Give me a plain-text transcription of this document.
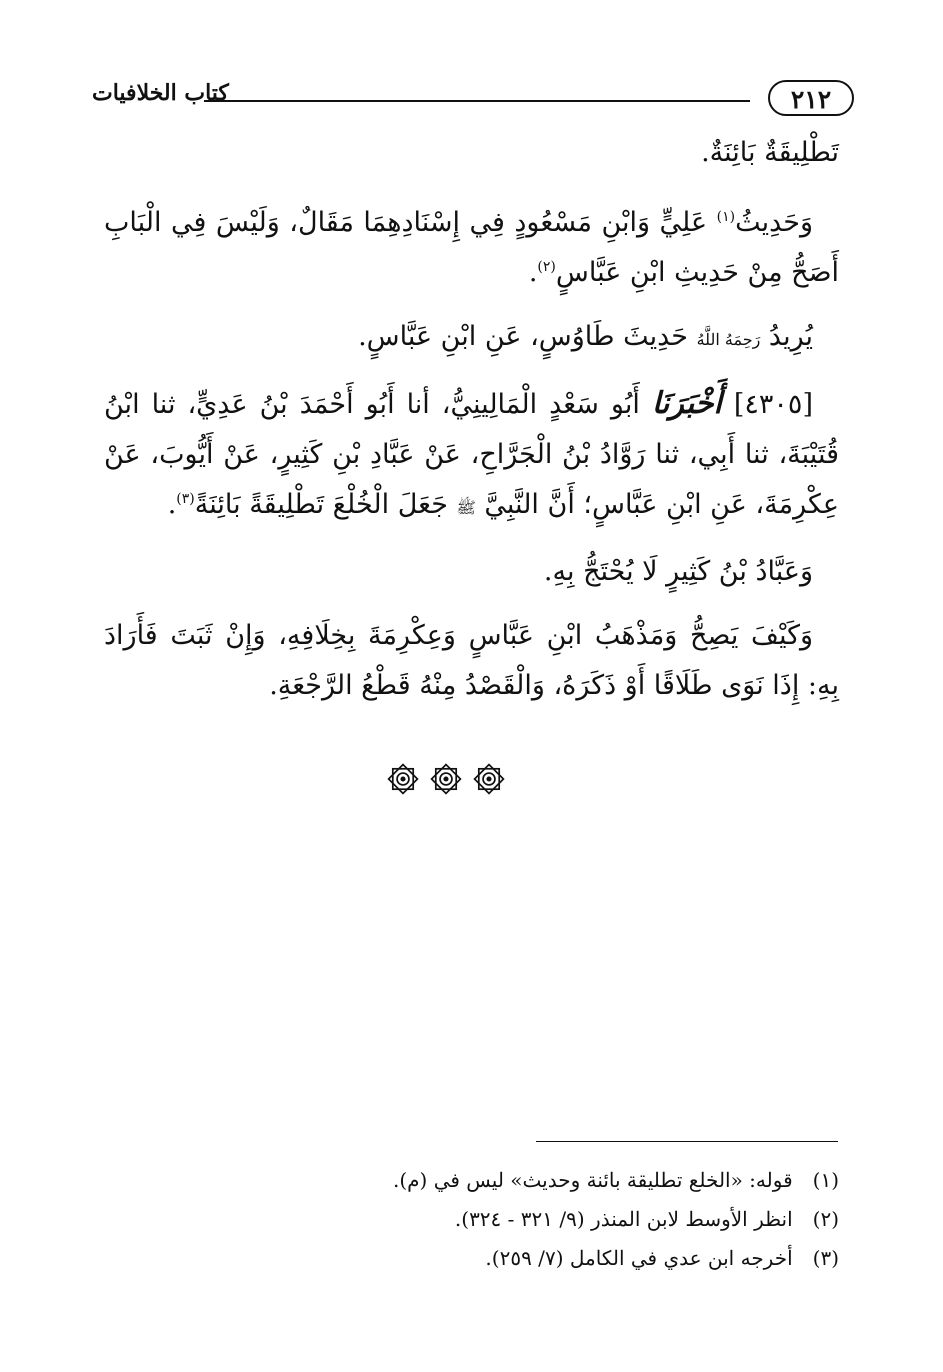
٢١٢
كتاب الخلافيات

تَطْلِيقَةٌ بَائِنَةٌ.

وَحَدِيثُ$^{(١)}$ عَلِيٍّ وَابْنِ مَسْعُودٍ فِي إِسْنَادِهِمَا مَقَالٌ، وَلَيْسَ فِي الْبَابِ أَصَحُّ مِنْ حَدِيثِ ابْنِ عَبَّاسٍ$^{(٢)}$.

يُرِيدُ رَحِمَهُ اللَّهُ حَدِيثَ طَاوُسٍ، عَنِ ابْنِ عَبَّاسٍ.

[٤٣٠٥] أَخْبَرَنَا أَبُو سَعْدٍ الْمَالِينِيُّ، أنا أَبُو أَحْمَدَ بْنُ عَدِيٍّ، ثنا ابْنُ قُتَيْبَةَ، ثنا أَبِي، ثنا رَوَّادُ بْنُ الْجَرَّاحِ، عَنْ عَبَّادِ بْنِ كَثِيرٍ، عَنْ أَيُّوبَ، عَنْ عِكْرِمَةَ، عَنِ ابْنِ عَبَّاسٍ؛ أَنَّ النَّبِيَّ ﷺ جَعَلَ الْخُلْعَ تَطْلِيقَةً بَائِنَةً$^{(٣)}$.

وَعَبَّادُ بْنُ كَثِيرٍ لَا يُحْتَجُّ بِهِ.

وَكَيْفَ يَصِحُّ وَمَذْهَبُ ابْنِ عَبَّاسٍ وَعِكْرِمَةَ بِخِلَافِهِ، وَإِنْ ثَبَتَ فَأَرَادَ بِهِ: إِذَا نَوَى طَلَاقًا أَوْ ذَكَرَهُ، وَالْقَصْدُ مِنْهُ قَطْعُ الرَّجْعَةِ.

(١) قوله: «الخلع تطليقة بائنة وحديث» ليس في (م).

(٢) انظر الأوسط لابن المنذر (٩/ ٣٢١ - ٣٢٤).

(٣) أخرجه ابن عدي في الكامل (٧/ ٢٥٩).
